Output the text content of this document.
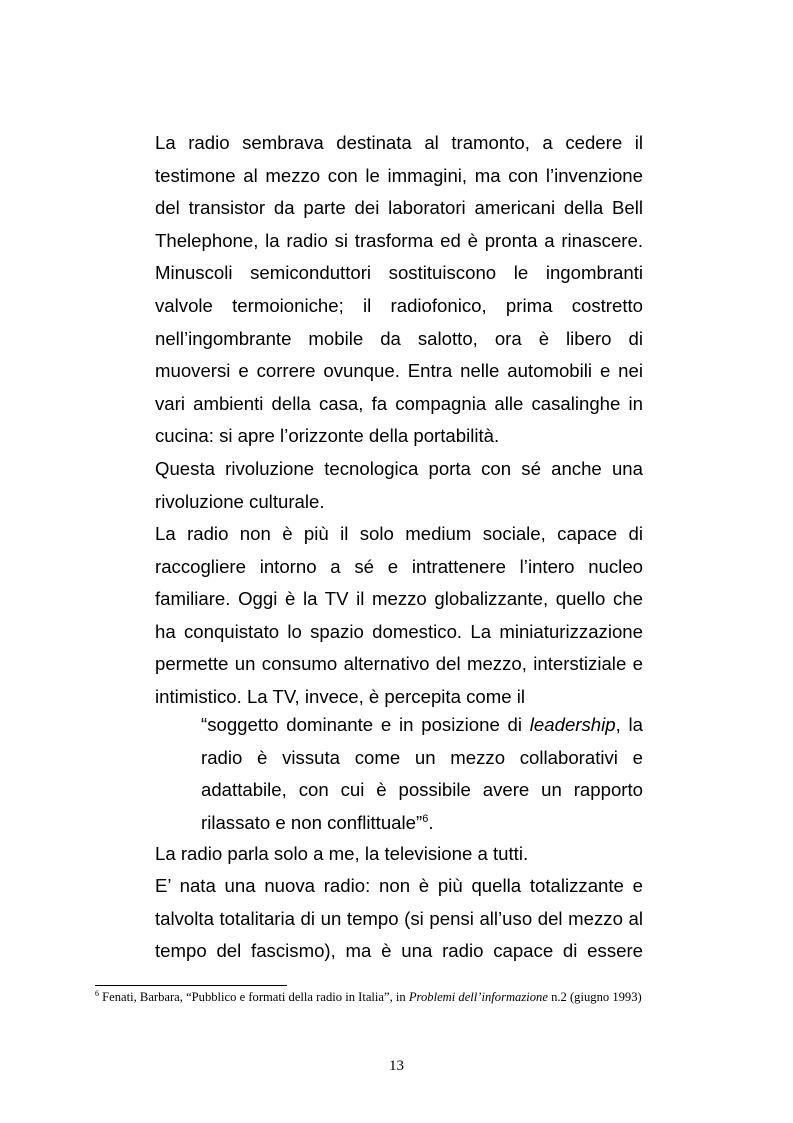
La radio sembrava destinata al tramonto, a cedere il
testimone al mezzo con le immagini, ma con l’invenzione
del transistor da parte dei laboratori americani della Bell
Thelephone, la radio si trasforma ed è pronta a rinascere.
Minuscoli semiconduttori sostituiscono le ingombranti
valvole termoioniche; il radiofonico, prima costretto
nell’ingombrante mobile da salotto, ora è libero di
muoversi e correre ovunque. Entra nelle automobili e nei
vari ambienti della casa, fa compagnia alle casalinghe in
cucina: si apre l’orizzonte della portabilità.
Questa rivoluzione tecnologica porta con sé anche una
rivoluzione culturale.
La radio non è più il solo medium sociale, capace di
raccogliere intorno a sé e intrattenere l’intero nucleo
familiare. Oggi è la TV il mezzo globalizzante, quello che
ha conquistato lo spazio domestico. La miniaturizzazione
permette un consumo alternativo del mezzo, interstiziale e
intimistico. La TV, invece, è percepita come il
“soggetto dominante e in posizione di leadership, la
radio è vissuta come un mezzo collaborativi e
adattabile, con cui è possibile avere un rapporto
rilassato e non conflittuale”$^6$.
La radio parla solo a me, la televisione a tutti.
E’ nata una nuova radio: non è più quella totalizzante e
talvolta totalitaria di un tempo (si pensi all’uso del mezzo al
tempo del fascismo), ma è una radio capace di essere
$^6$ Fenati, Barbara, “Pubblico e formati della radio in Italia”, in Problemi dell’informazione n.2 (giugno 1993)
13
